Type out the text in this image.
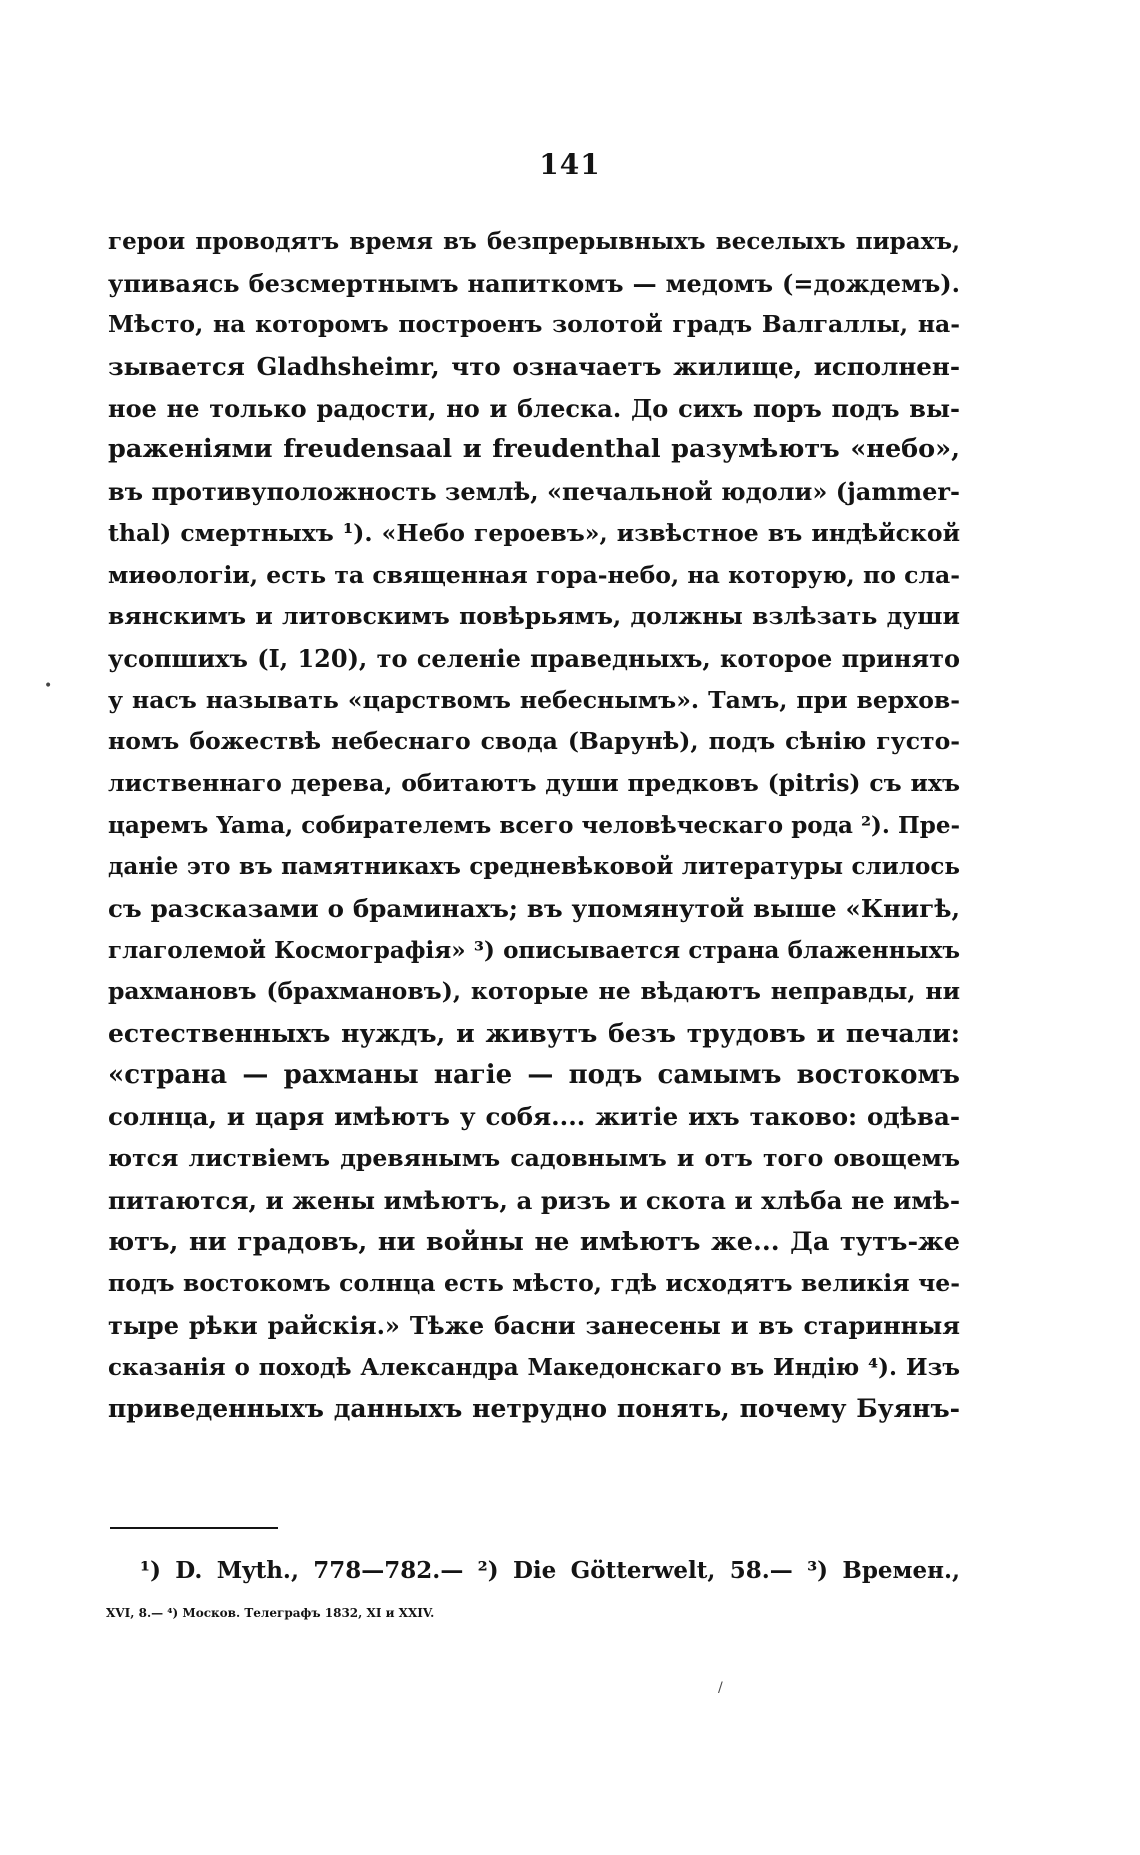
141
герои проводятъ время въ безпрерывныхъ веселыхъ пирахъ,
упиваясь безсмертнымъ напиткомъ — медомъ (=дождемъ).
Мѣсто, на которомъ построенъ золотой градъ Валгаллы, на-
зывается Gladhsheimr, что означаетъ жилище, исполнен-
ное не только радости, но и блеска. До сихъ поръ подъ вы-
раженіями freudensaal и freudenthal разумѣютъ «небо»,
въ противуположность землѣ, «печальной юдоли» (jammer-
thal) смертныхъ ¹). «Небо героевъ», извѣстное въ индѣйской
миѳологіи, есть та священная гора-небо, на которую, по сла-
вянскимъ и литовскимъ повѣрьямъ, должны взлѣзать души
усопшихъ (I, 120), то селеніе праведныхъ, которое принято
у насъ называть «царствомъ небеснымъ». Тамъ, при верхов-
номъ божествѣ небеснаго свода (Варунѣ), подъ сѣнію густо-
лиственнаго дерева, обитаютъ души предковъ (pitris) съ ихъ
царемъ Yama, собирателемъ всего человѣческаго рода ²). Пре-
даніе это въ памятникахъ средневѣковой литературы слилось
съ разсказами о браминахъ; въ упомянутой выше «Книгѣ,
глаголемой Космографія» ³) описывается страна блаженныхъ
рахмановъ (брахмановъ), которые не вѣдаютъ неправды, ни
естественныхъ нуждъ, и живутъ безъ трудовъ и печали:
«страна — рахманы нагіе — подъ самымъ востокомъ
солнца, и царя имѣютъ у собя.... житіе ихъ таково: одѣва-
ются листвіемъ древянымъ садовнымъ и отъ того овощемъ
питаются, и жены имѣютъ, а ризъ и скота и хлѣба не имѣ-
ютъ, ни градовъ, ни войны не имѣютъ же... Да тутъ-же
подъ востокомъ солнца есть мѣсто, гдѣ исходятъ великія че-
тыре рѣки райскія.» Тѣже басни занесены и въ старинныя
сказанія о походѣ Александра Македонскаго въ Индію ⁴). Изъ
приведенныхъ данныхъ нетрудно понять, почему Буянъ-
¹) D. Myth., 778—782.— ²) Die Götterwelt, 58.— ³) Времен.,
XVI, 8.— ⁴) Москов. Телеграфъ 1832, XI и XXIV.
•
/
